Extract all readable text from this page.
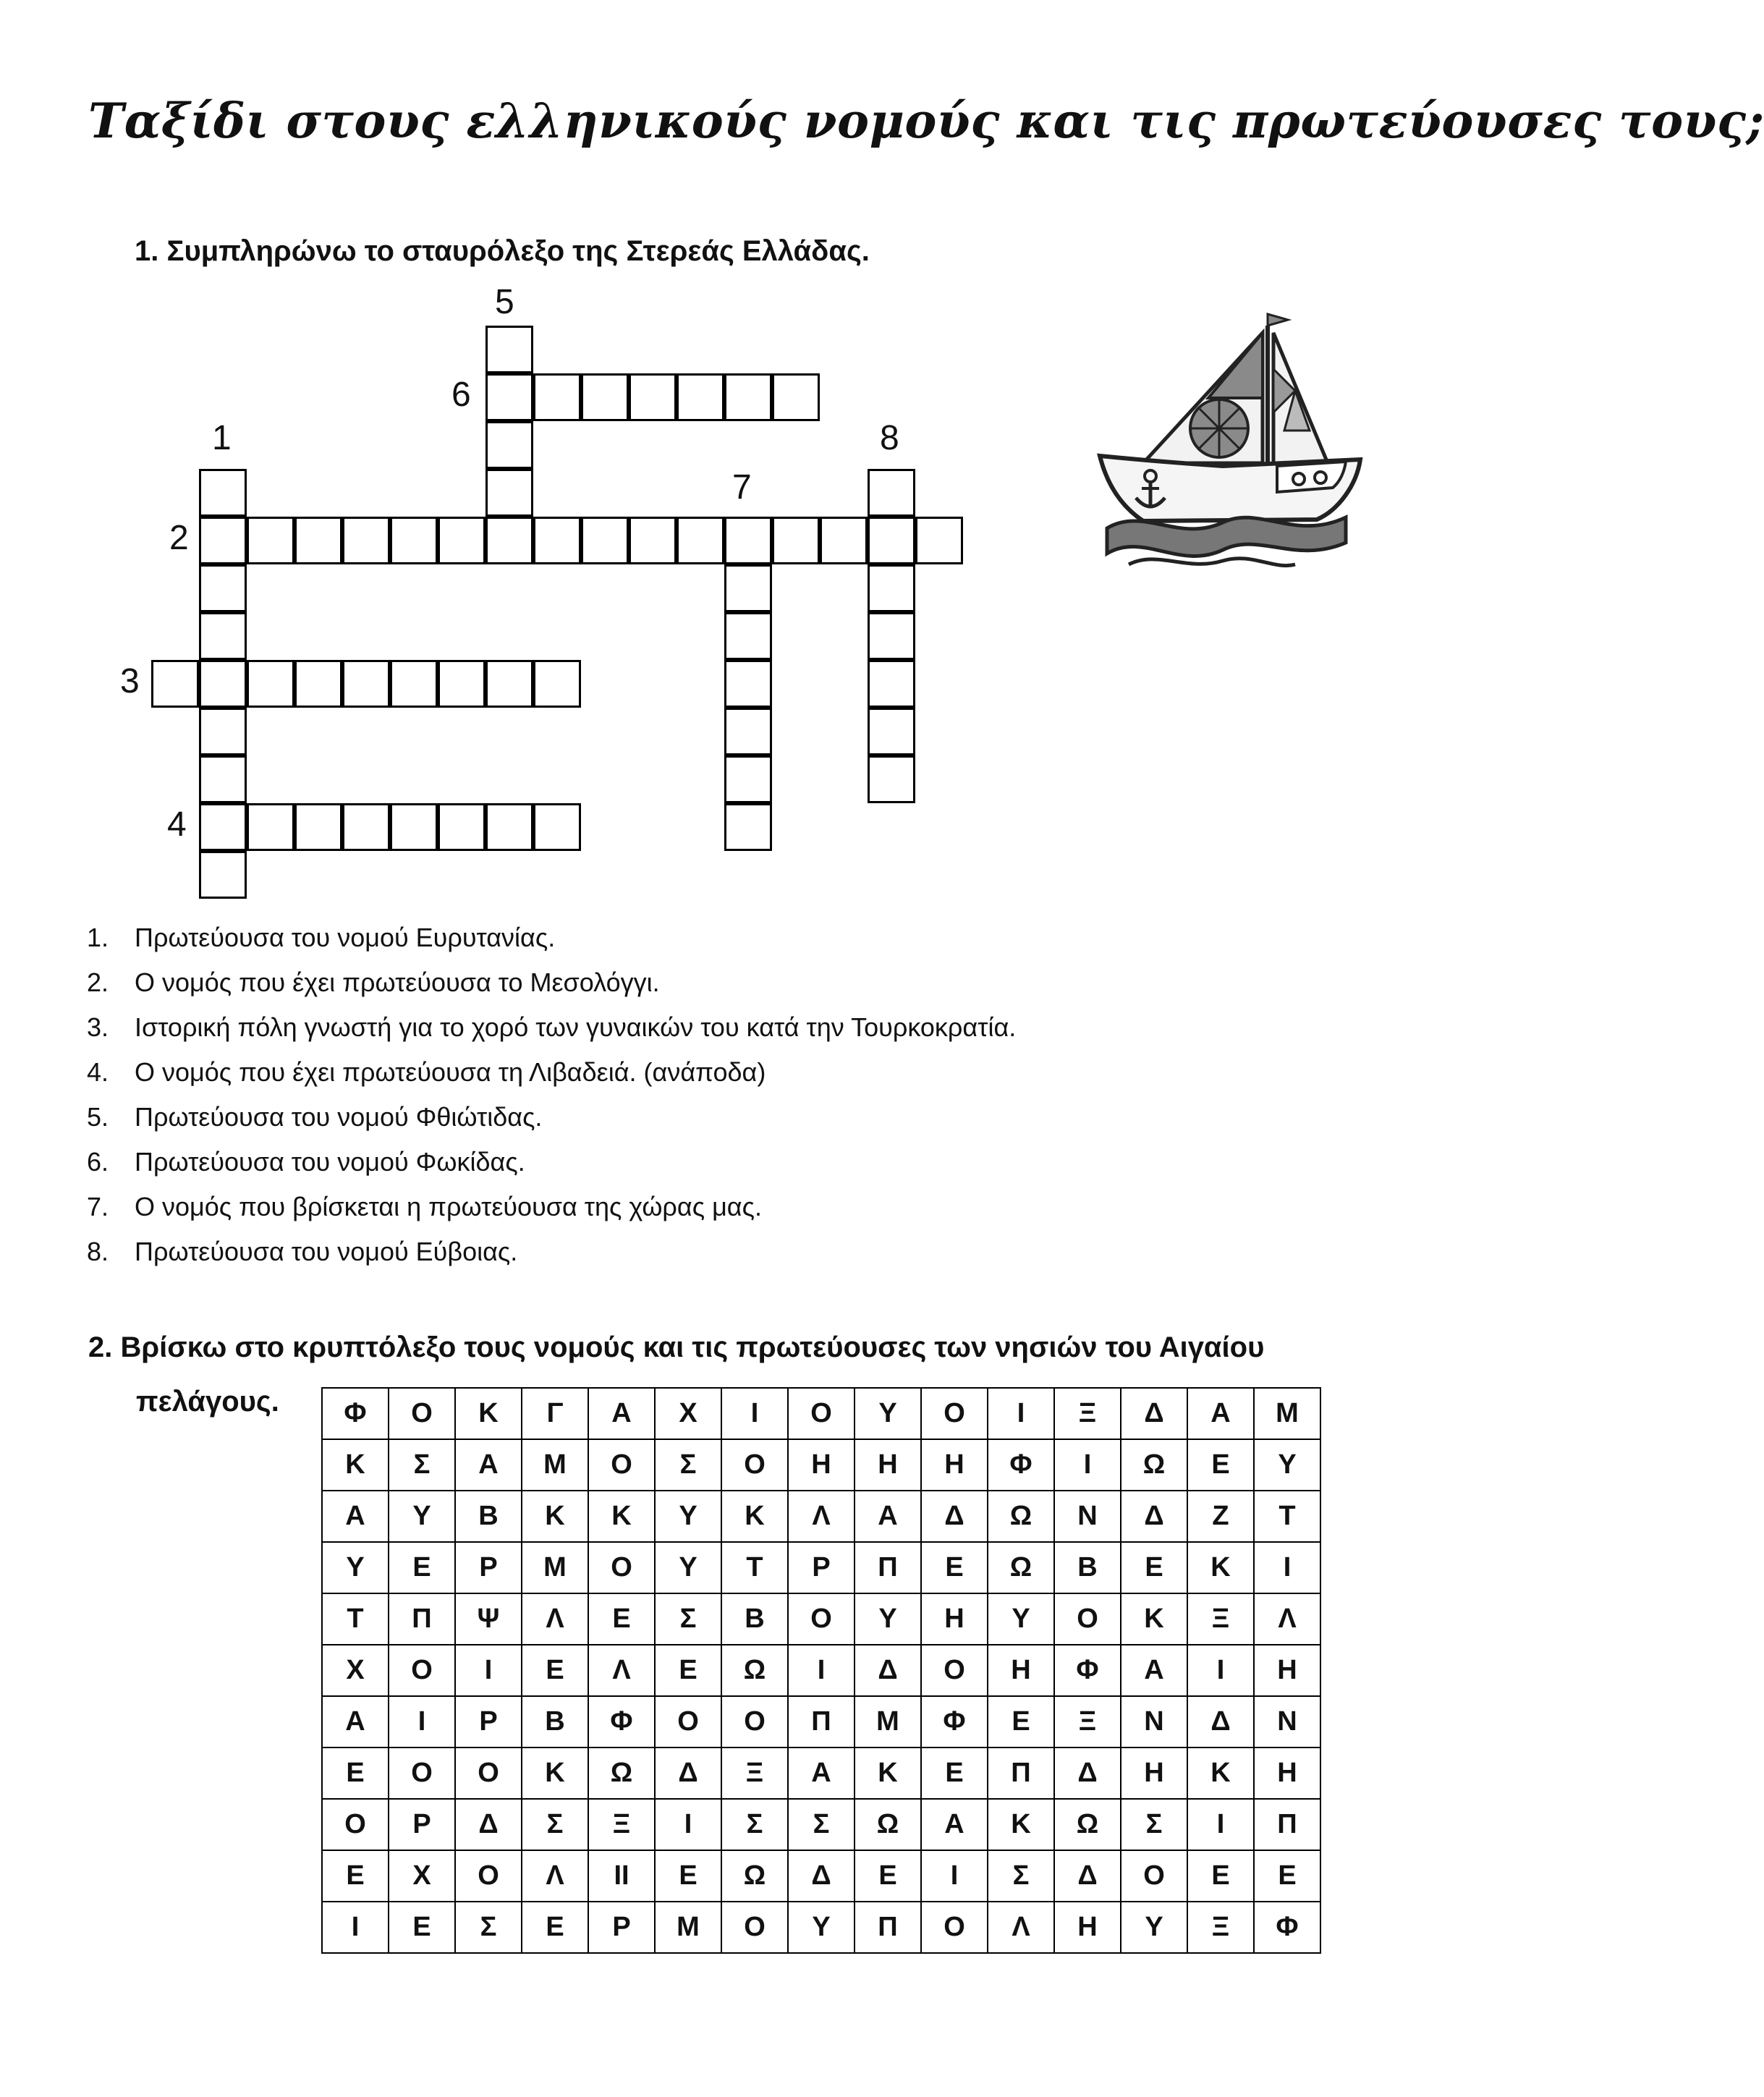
Ταξίδι στους ελληνικούς νομούς και τις πρωτεύουσες τους;
1. Συμπληρώνω το σταυρόλεξο της Στερεάς Ελλάδας.
1
2
3
4
5
6
7
8
1. Πρωτεύουσα του νομού Ευρυτανίας.
2. Ο νομός που έχει πρωτεύουσα το Μεσολόγγι.
3. Ιστορική πόλη γνωστή για το χορό των γυναικών του κατά την Τουρκοκρατία.
4. Ο νομός που έχει πρωτεύουσα τη Λιβαδειά. (ανάποδα)
5. Πρωτεύουσα του νομού Φθιώτιδας.
6. Πρωτεύουσα του νομού Φωκίδας.
7. Ο νομός που βρίσκεται η πρωτεύουσα της χώρας μας.
8. Πρωτεύουσα του νομού Εύβοιας.
2. Βρίσκω στο κρυπτόλεξο τους νομούς και τις πρωτεύουσες των νησιών του Αιγαίου
πελάγους. Φ	Ο	Κ	Γ	Α	Χ	Ι	Ο	Υ	Ο	Ι	Ξ	Δ	Α	Μ
Κ	Σ	Α	Μ	Ο	Σ	Ο	Η	Η	Η	Φ	Ι	Ω	Ε	Υ
Α	Υ	Β	Κ	Κ	Υ	Κ	Λ	Α	Δ	Ω	Ν	Δ	Ζ	Τ
Υ	Ε	Ρ	Μ	Ο	Υ	Τ	Ρ	Π	Ε	Ω	Β	Ε	Κ	Ι
Τ	Π	Ψ	Λ	Ε	Σ	Β	Ο	Υ	Η	Υ	Ο	Κ	Ξ	Λ
Χ	Ο	Ι	Ε	Λ	Ε	Ω	Ι	Δ	Ο	Η	Φ	Α	Ι	Η
Α	Ι	Ρ	Β	Φ	Ο	Ο	Π	Μ	Φ	Ε	Ξ	Ν	Δ	Ν
Ε	Ο	Ο	Κ	Ω	Δ	Ξ	Α	Κ	Ε	Π	Δ	Η	Κ	Η
Ο	Ρ	Δ	Σ	Ξ	Ι	Σ	Σ	Ω	Α	Κ	Ω	Σ	Ι	Π
Ε	Χ	Ο	Λ	ΙΙ	Ε	Ω	Δ	Ε	Ι	Σ	Δ	Ο	Ε	Ε
Ι	Ε	Σ	Ε	Ρ	Μ	Ο	Υ	Π	Ο	Λ	Η	Υ	Ξ	Φ
